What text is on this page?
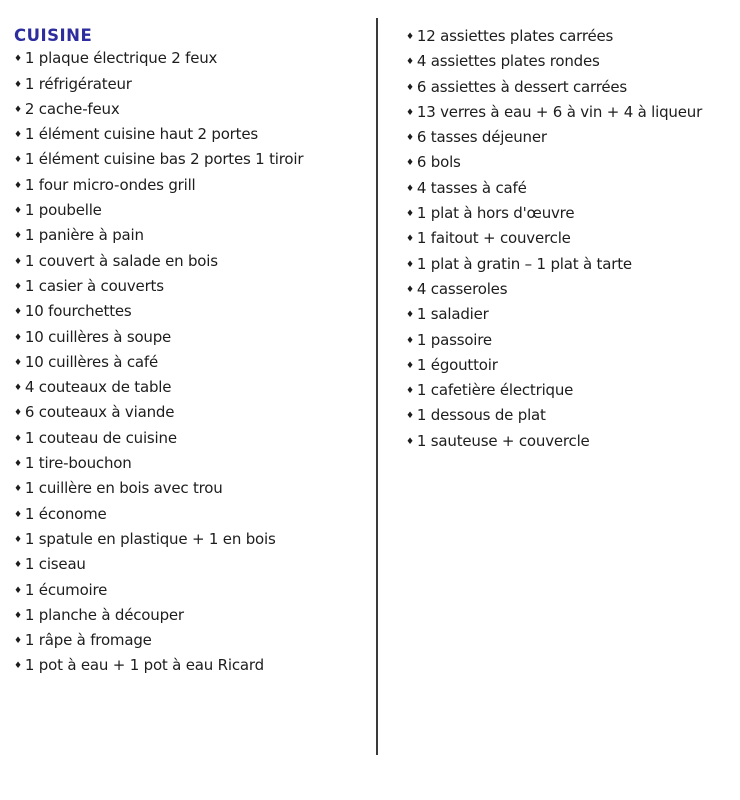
CUISINE
♦ 1 plaque électrique 2 feux
♦ 1 réfrigérateur
♦ 2 cache-feux
♦ 1 élément cuisine haut 2 portes
♦ 1 élément cuisine bas 2 portes 1 tiroir
♦ 1 four micro-ondes grill
♦ 1 poubelle
♦ 1 panière à pain
♦ 1 couvert à salade en bois
♦ 1 casier à couverts
♦ 10 fourchettes
♦ 10 cuillères à soupe
♦ 10 cuillères à café
♦ 4 couteaux de table
♦ 6 couteaux à viande
♦ 1 couteau de cuisine
♦ 1 tire-bouchon
♦ 1 cuillère en bois avec trou
♦ 1 économe
♦ 1 spatule en plastique + 1 en bois
♦ 1 ciseau
♦ 1 écumoire
♦ 1 planche à découper
♦ 1 râpe à fromage
♦ 1 pot à eau + 1 pot à eau Ricard
♦ 12 assiettes plates carrées
♦ 4 assiettes plates rondes
♦ 6 assiettes à dessert carrées
♦ 13 verres à eau + 6 à vin + 4 à liqueur
♦ 6 tasses déjeuner
♦ 6 bols
♦ 4 tasses à café
♦ 1 plat à hors d'œuvre
♦ 1 faitout + couvercle
♦ 1 plat à gratin – 1 plat à tarte
♦ 4 casseroles
♦ 1 saladier
♦ 1 passoire
♦ 1 égouttoir
♦ 1 cafetière électrique
♦ 1 dessous de plat
♦ 1 sauteuse + couvercle
